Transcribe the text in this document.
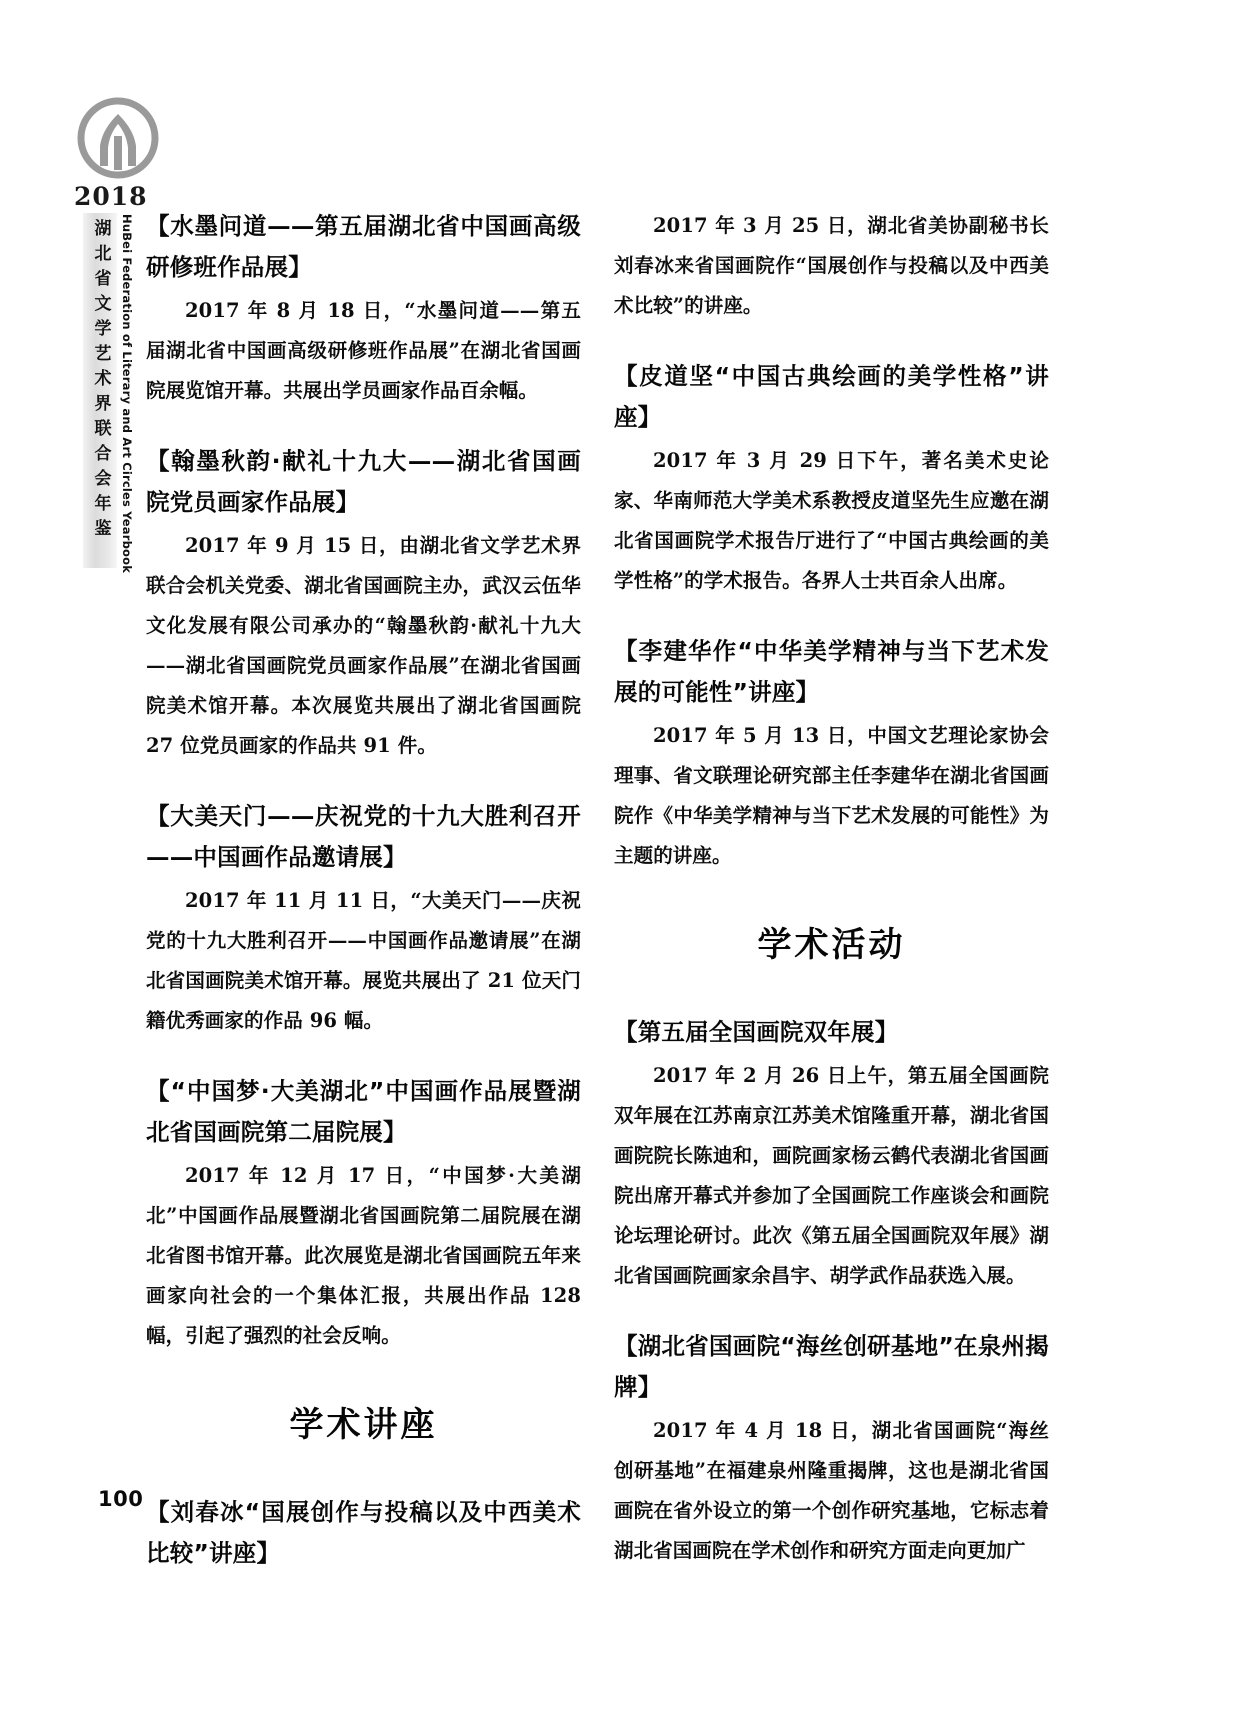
2018
湖北省文学艺术界联合会年鉴 HuBei Federation of Literary and Art Circles Yearbook 【水墨问道——第五届湖北省中国画高级研修班作品展】

2017 年 8 月 18 日，“水墨问道——第五届湖北省中国画高级研修班作品展”在湖北省国画院展览馆开幕。共展出学员画家作品百余幅。

【翰墨秋韵·献礼十九大——湖北省国画院党员画家作品展】

2017 年 9 月 15 日，由湖北省文学艺术界联合会机关党委、湖北省国画院主办，武汉云伍华文化发展有限公司承办的“翰墨秋韵·献礼十九大——湖北省国画院党员画家作品展”在湖北省国画院美术馆开幕。本次展览共展出了湖北省国画院 27 位党员画家的作品共 91 件。

【大美天门——庆祝党的十九大胜利召开——中国画作品邀请展】

2017 年 11 月 11 日，“大美天门——庆祝党的十九大胜利召开——中国画作品邀请展”在湖北省国画院美术馆开幕。展览共展出了 21 位天门籍优秀画家的作品 96 幅。

【“中国梦·大美湖北”中国画作品展暨湖北省国画院第二届院展】

2017 年 12 月 17 日，“中国梦·大美湖北”中国画作品展暨湖北省国画院第二届院展在湖北省图书馆开幕。此次展览是湖北省国画院五年来画家向社会的一个集体汇报，共展出作品 128 幅，引起了强烈的社会反响。

学术讲座
【刘春冰“国展创作与投稿以及中西美术比较”讲座】

2017 年 3 月 25 日，湖北省美协副秘书长刘春冰来省国画院作“国展创作与投稿以及中西美术比较”的讲座。

【皮道坚“中国古典绘画的美学性格”讲座】

2017 年 3 月 29 日下午，著名美术史论家、华南师范大学美术系教授皮道坚先生应邀在湖北省国画院学术报告厅进行了“中国古典绘画的美学性格”的学术报告。各界人士共百余人出席。

【李建华作“中华美学精神与当下艺术发展的可能性”讲座】

2017 年 5 月 13 日，中国文艺理论家协会理事、省文联理论研究部主任李建华在湖北省国画院作《中华美学精神与当下艺术发展的可能性》为主题的讲座。

学术活动
【第五届全国画院双年展】

2017 年 2 月 26 日上午，第五届全国画院双年展在江苏南京江苏美术馆隆重开幕，湖北省国画院院长陈迪和，画院画家杨云鹤代表湖北省国画院出席开幕式并参加了全国画院工作座谈会和画院论坛理论研讨。此次《第五届全国画院双年展》湖北省国画院画家余昌宇、胡学武作品获选入展。

【湖北省国画院“海丝创研基地”在泉州揭牌】

2017 年 4 月 18 日，湖北省国画院“海丝创研基地”在福建泉州隆重揭牌，这也是湖北省国画院在省外设立的第一个创作研究基地，它标志着湖北省国画院在学术创作和研究方面走向更加广

100
